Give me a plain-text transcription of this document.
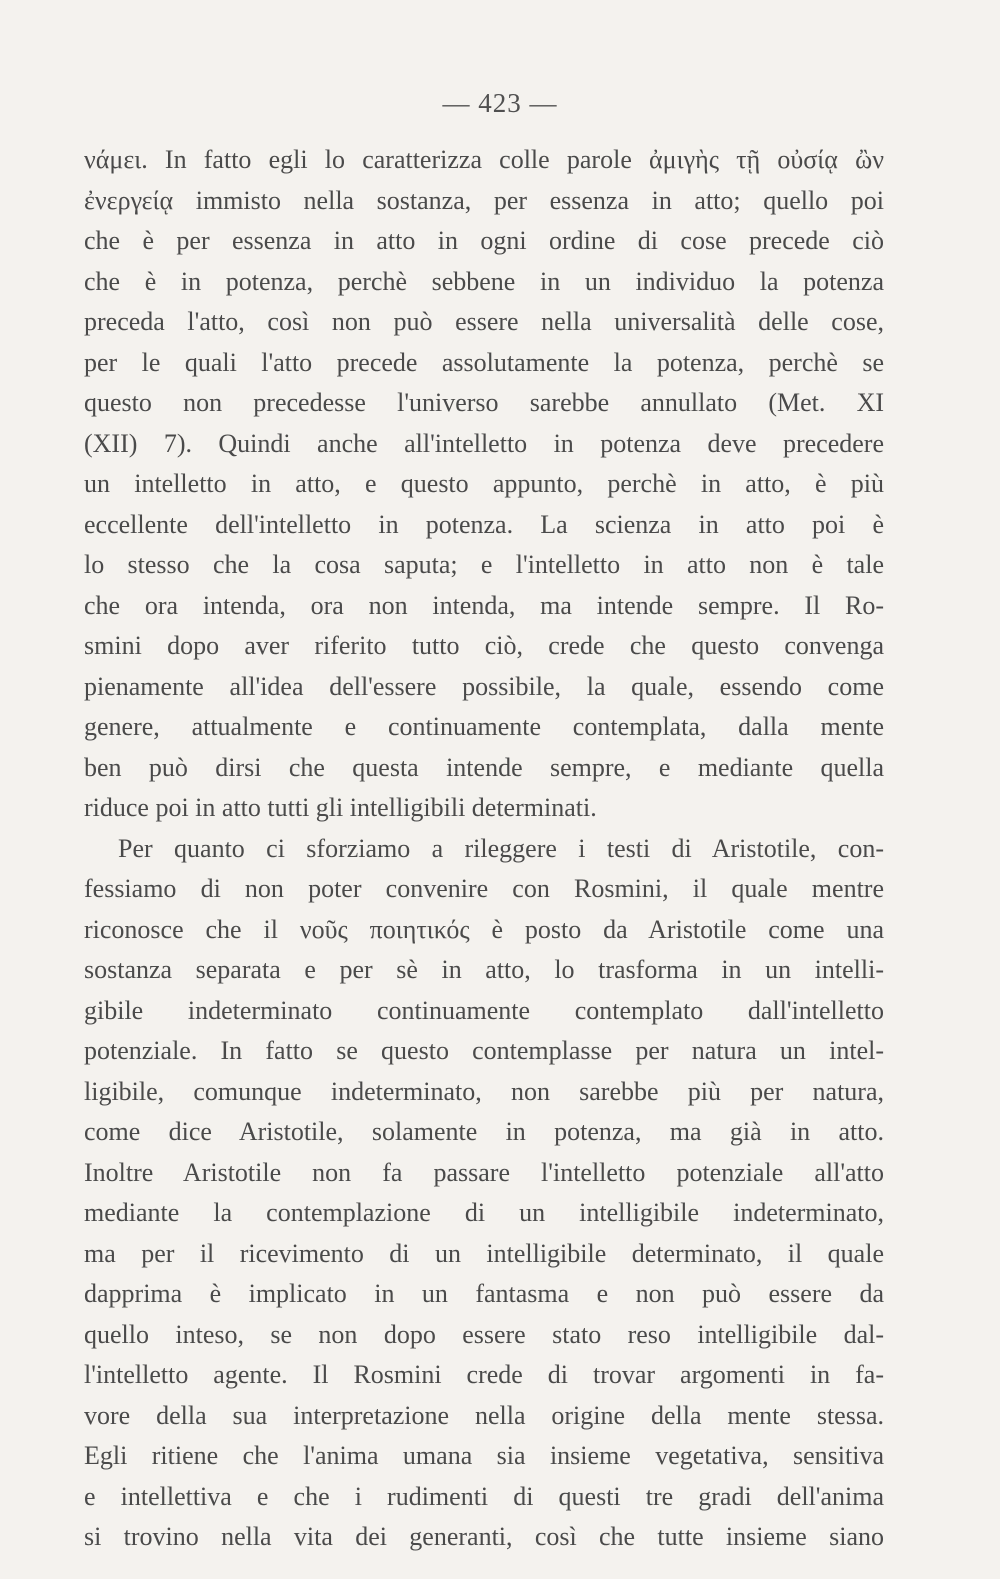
— 423 —
νάμει. In fatto egli lo caratterizza colle parole ἀμιγὴς τῇ οὐσίᾳ ὢν
ἐνεργείᾳ immisto nella sostanza, per essenza in atto; quello poi
che è per essenza in atto in ogni ordine di cose precede ciò
che è in potenza, perchè sebbene in un individuo la potenza
preceda l'atto, così non può essere nella universalità delle cose,
per le quali l'atto precede assolutamente la potenza, perchè se
questo non precedesse l'universo sarebbe annullato (Met. XI
(XII) 7). Quindi anche all'intelletto in potenza deve precedere
un intelletto in atto, e questo appunto, perchè in atto, è più
eccellente dell'intelletto in potenza. La scienza in atto poi è
lo stesso che la cosa saputa; e l'intelletto in atto non è tale
che ora intenda, ora non intenda, ma intende sempre. Il Ro-
smini dopo aver riferito tutto ciò, crede che questo convenga
pienamente all'idea dell'essere possibile, la quale, essendo come
genere, attualmente e continuamente contemplata, dalla mente
ben può dirsi che questa intende sempre, e mediante quella
riduce poi in atto tutti gli intelligibili determinati.
Per quanto ci sforziamo a rileggere i testi di Aristotile, con-
fessiamo di non poter convenire con Rosmini, il quale mentre
riconosce che il νοῦς ποιητικός è posto da Aristotile come una
sostanza separata e per sè in atto, lo trasforma in un intelli-
gibile indeterminato continuamente contemplato dall'intelletto
potenziale. In fatto se questo contemplasse per natura un intel-
ligibile, comunque indeterminato, non sarebbe più per natura,
come dice Aristotile, solamente in potenza, ma già in atto.
Inoltre Aristotile non fa passare l'intelletto potenziale all'atto
mediante la contemplazione di un intelligibile indeterminato,
ma per il ricevimento di un intelligibile determinato, il quale
dapprima è implicato in un fantasma e non può essere da
quello inteso, se non dopo essere stato reso intelligibile dal-
l'intelletto agente. Il Rosmini crede di trovar argomenti in fa-
vore della sua interpretazione nella origine della mente stessa.
Egli ritiene che l'anima umana sia insieme vegetativa, sensitiva
e intellettiva e che i rudimenti di questi tre gradi dell'anima
si trovino nella vita dei generanti, così che tutte insieme siano
